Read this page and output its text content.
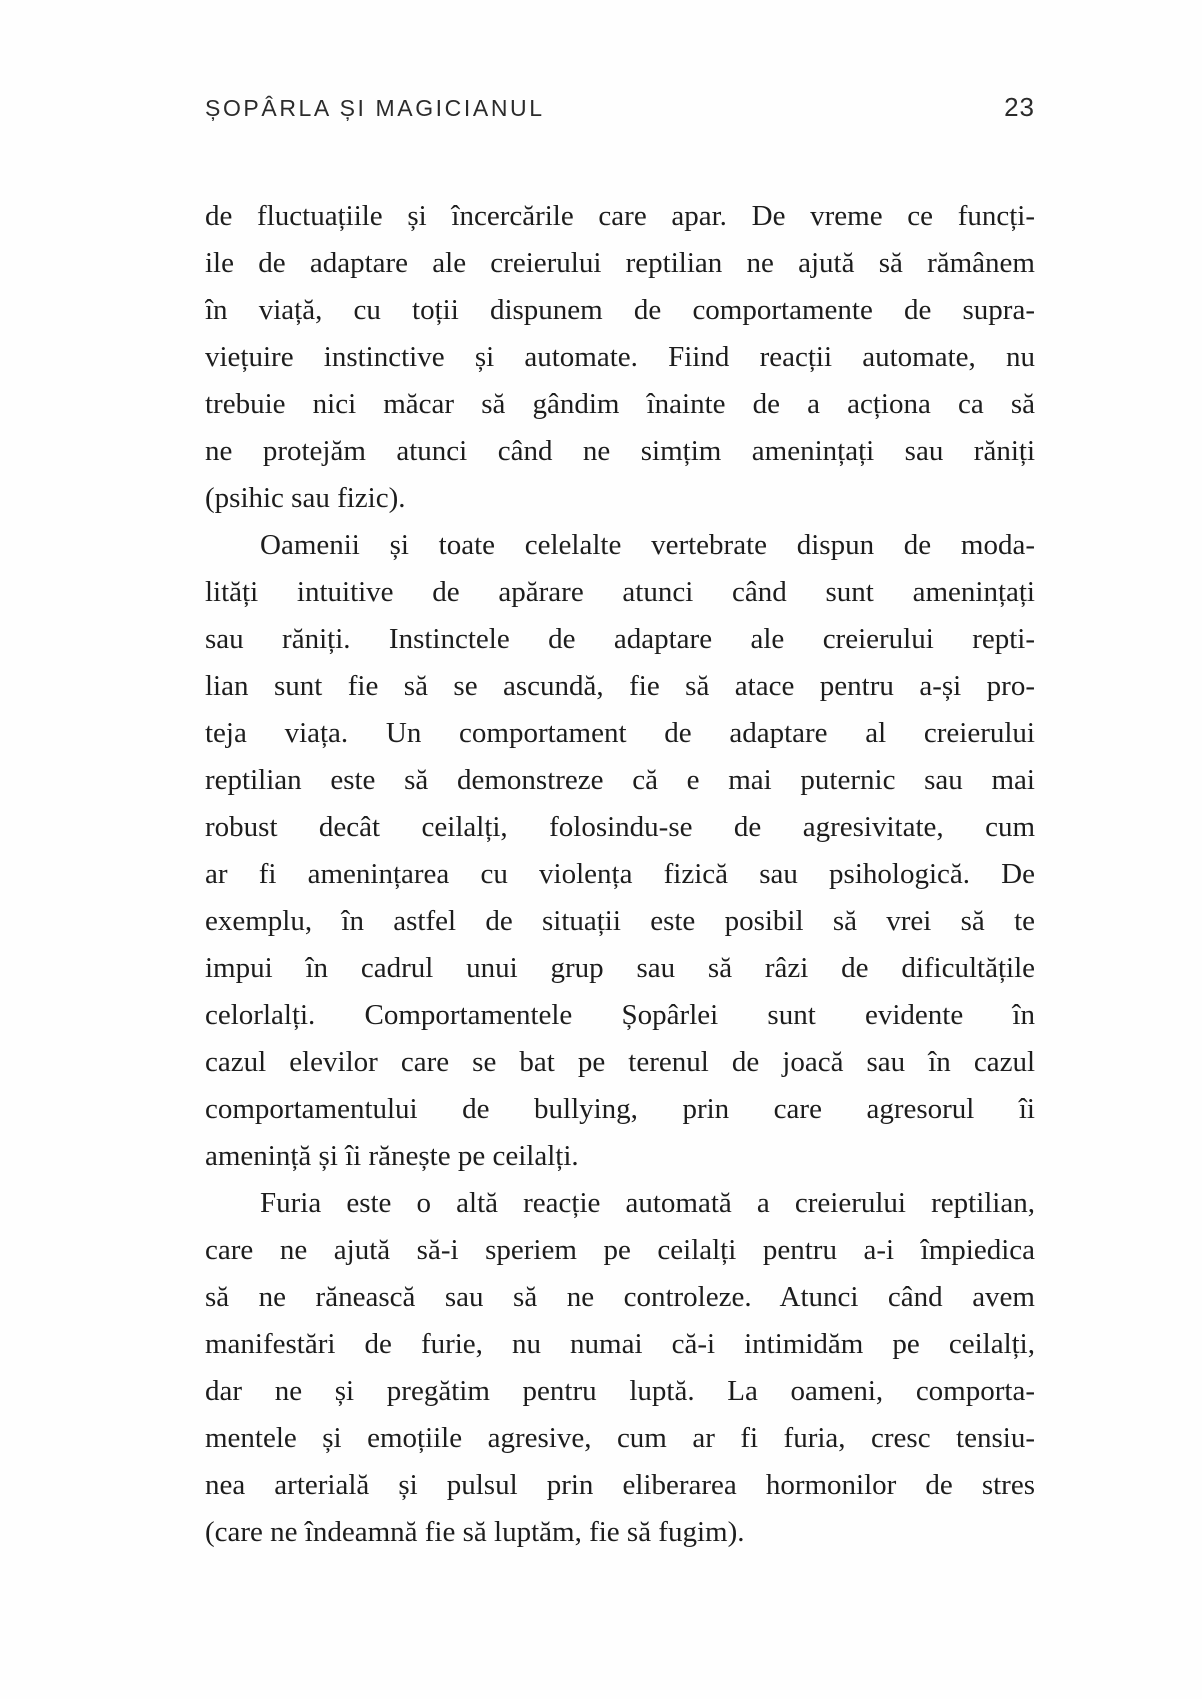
ȘOPÂRLA ȘI MAGICIANUL	23
de fluctuațiile și încercările care apar. De vreme ce funcți-
ile de adaptare ale creierului reptilian ne ajută să rămânem
în viață, cu toții dispunem de comportamente de supra-
viețuire instinctive și automate. Fiind reacții automate, nu
trebuie nici măcar să gândim înainte de a acționa ca să
ne protejăm atunci când ne simțim amenințați sau răniți
(psihic sau fizic).
Oamenii și toate celelalte vertebrate dispun de moda-
lități intuitive de apărare atunci când sunt amenințați
sau răniți. Instinctele de adaptare ale creierului repti-
lian sunt fie să se ascundă, fie să atace pentru a-și pro-
teja viața. Un comportament de adaptare al creierului
reptilian este să demonstreze că e mai puternic sau mai
robust decât ceilalți, folosindu-se de agresivitate, cum
ar fi amenințarea cu violența fizică sau psihologică. De
exemplu, în astfel de situații este posibil să vrei să te
impui în cadrul unui grup sau să râzi de dificultățile
celorlalți. Comportamentele Șopârlei sunt evidente în
cazul elevilor care se bat pe terenul de joacă sau în cazul
comportamentului de bullying, prin care agresorul îi
amenință și îi rănește pe ceilalți.
Furia este o altă reacție automată a creierului reptilian,
care ne ajută să-i speriem pe ceilalți pentru a-i împiedica
să ne rănească sau să ne controleze. Atunci când avem
manifestări de furie, nu numai că-i intimidăm pe ceilalți,
dar ne și pregătim pentru luptă. La oameni, comporta-
mentele și emoțiile agresive, cum ar fi furia, cresc tensiu-
nea arterială și pulsul prin eliberarea hormonilor de stres
(care ne îndeamnă fie să luptăm, fie să fugim).
